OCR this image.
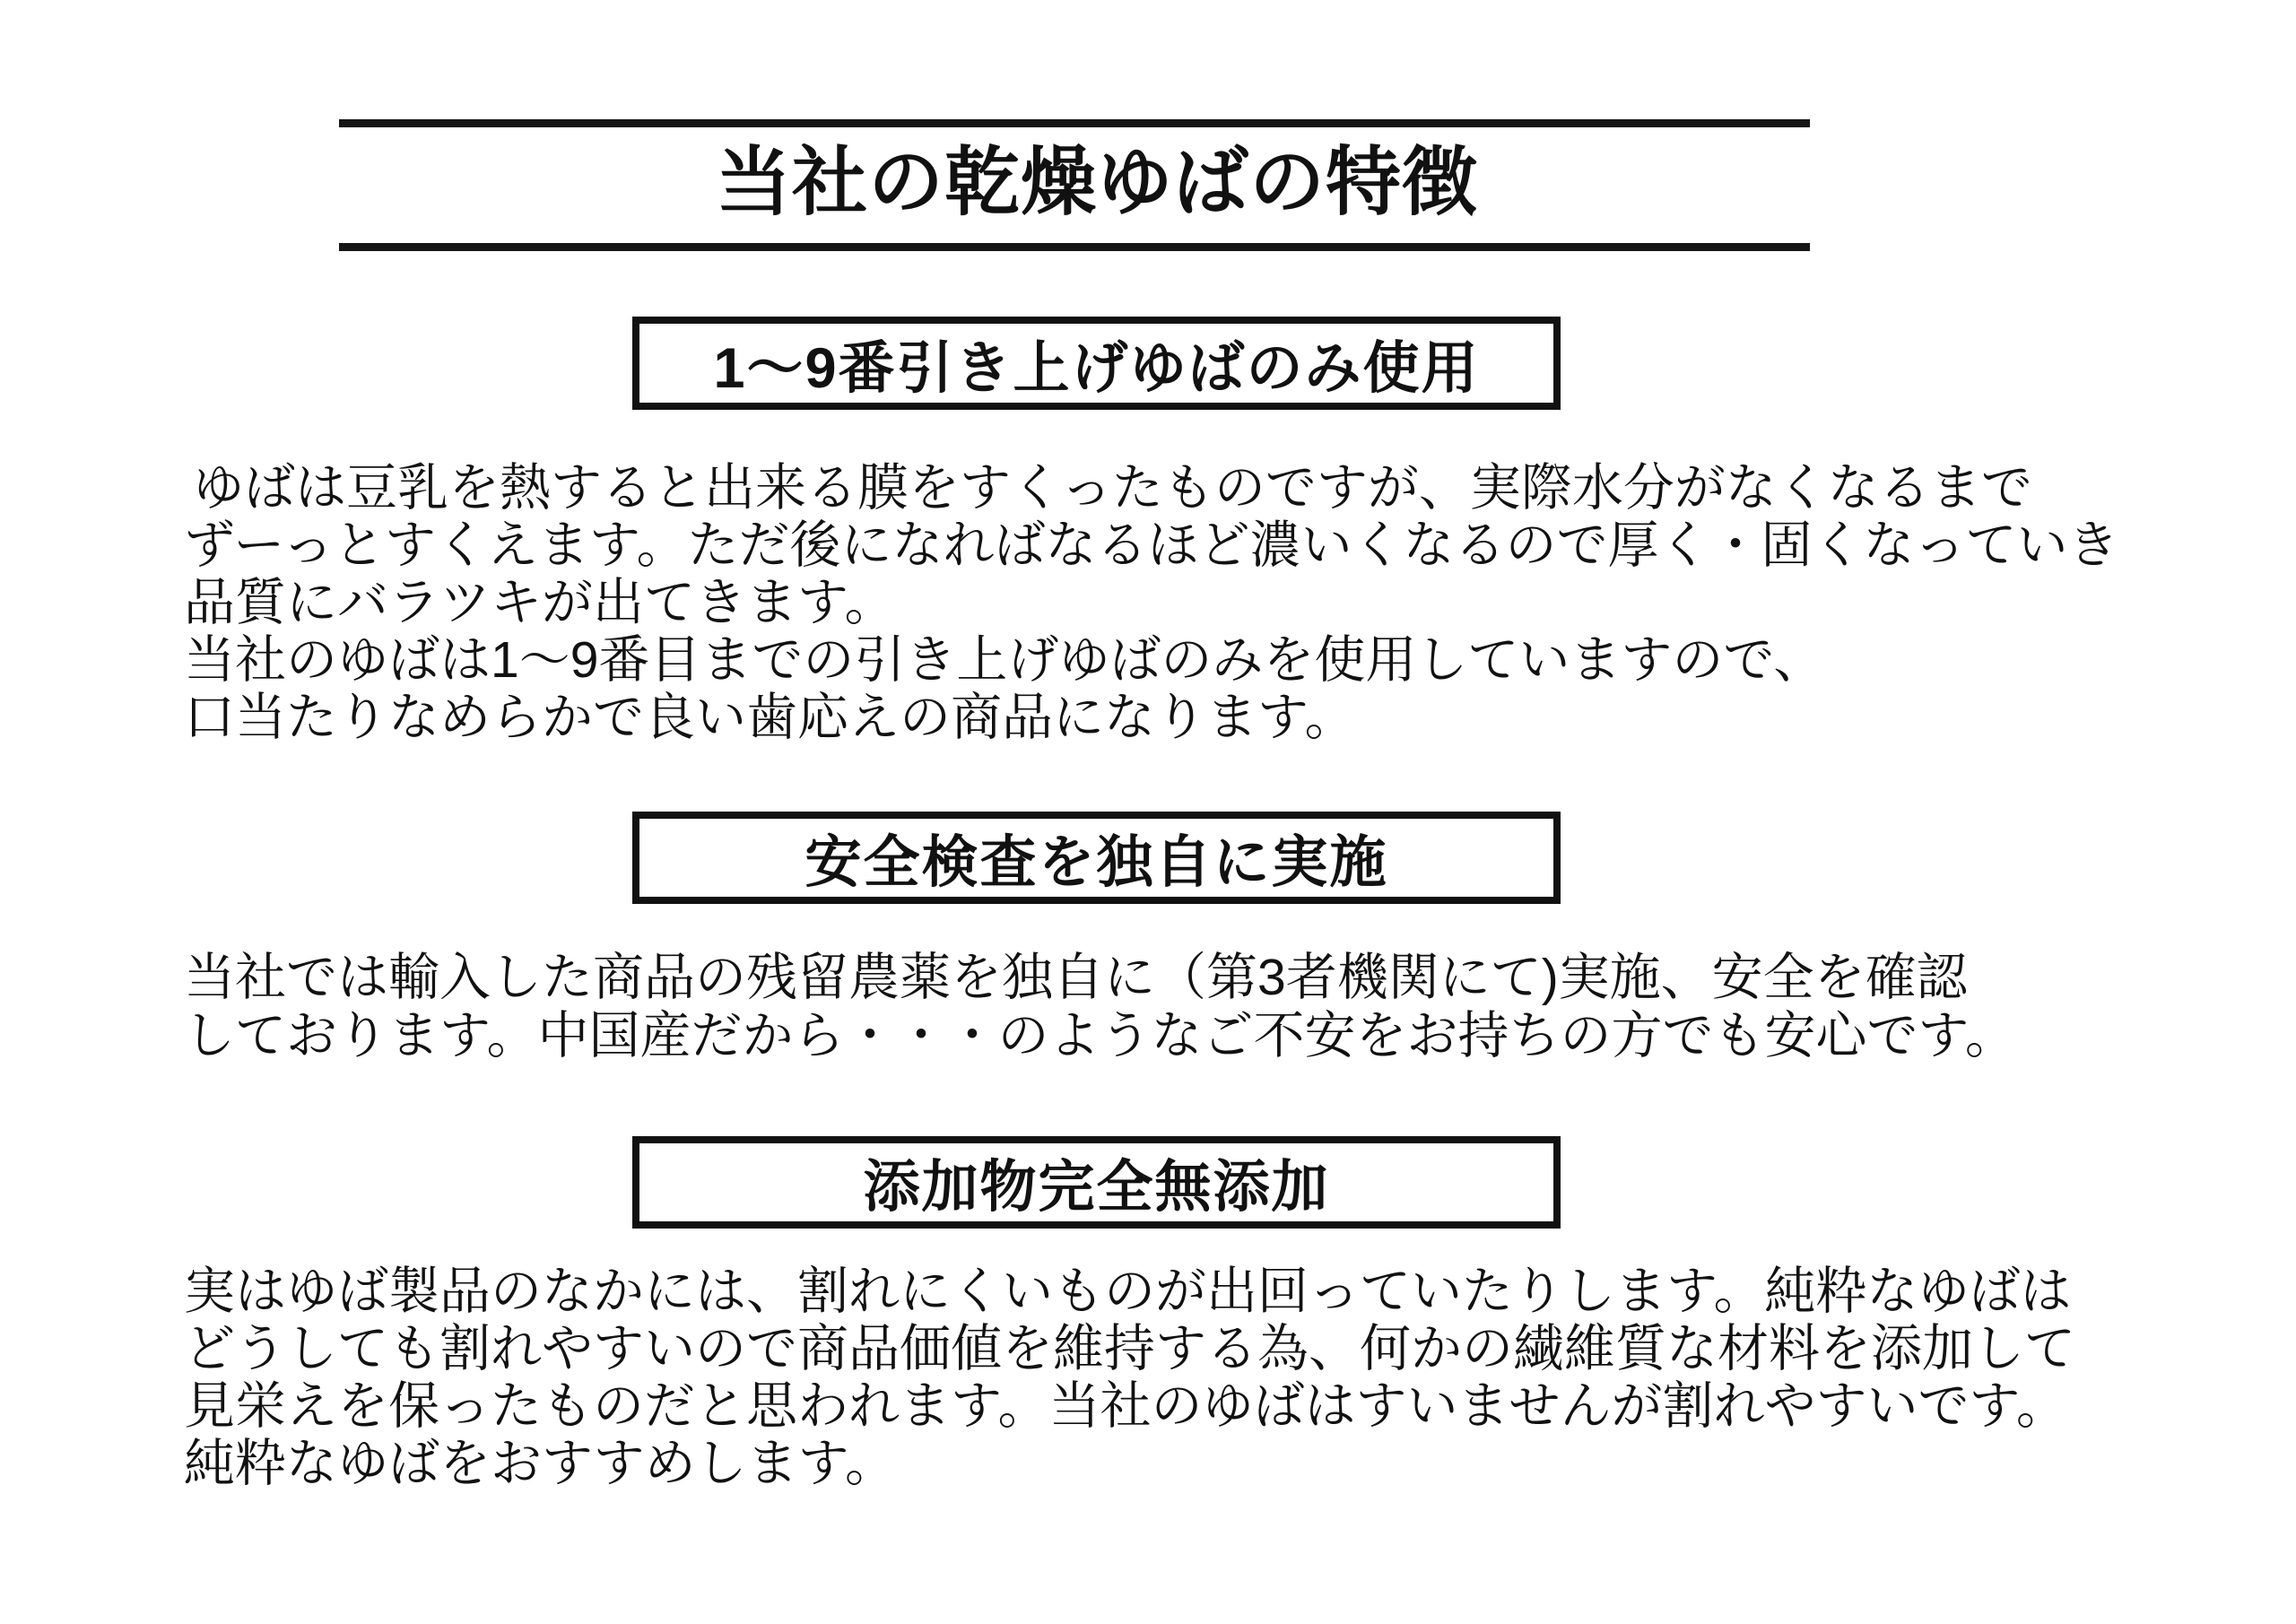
当社の乾燥ゆばの特徴
1～9番引き上げゆばのみ使用
ゆばは豆乳を熱すると出来る膜をすくったものですが、実際水分がなくなるまで
ずーっとすくえます。ただ後になればなるほど濃いくなるので厚く・固くなっていき
品質にバラツキが出てきます。
当社のゆばは1～9番目までの引き上げゆばのみを使用していますので、
口当たりなめらかで良い歯応えの商品になります。
安全検査を独自に実施
当社では輸入した商品の残留農薬を独自に（第3者機関にて)実施、安全を確認
しております。中国産だから・・・のようなご不安をお持ちの方でも安心です。
添加物完全無添加
実はゆば製品のなかには、割れにくいものが出回っていたりします。純粋なゆばは
どうしても割れやすいので商品価値を維持する為、何かの繊維質な材料を添加して
見栄えを保ったものだと思われます。当社のゆばはすいませんが割れやすいです。
純粋なゆばをおすすめします。
